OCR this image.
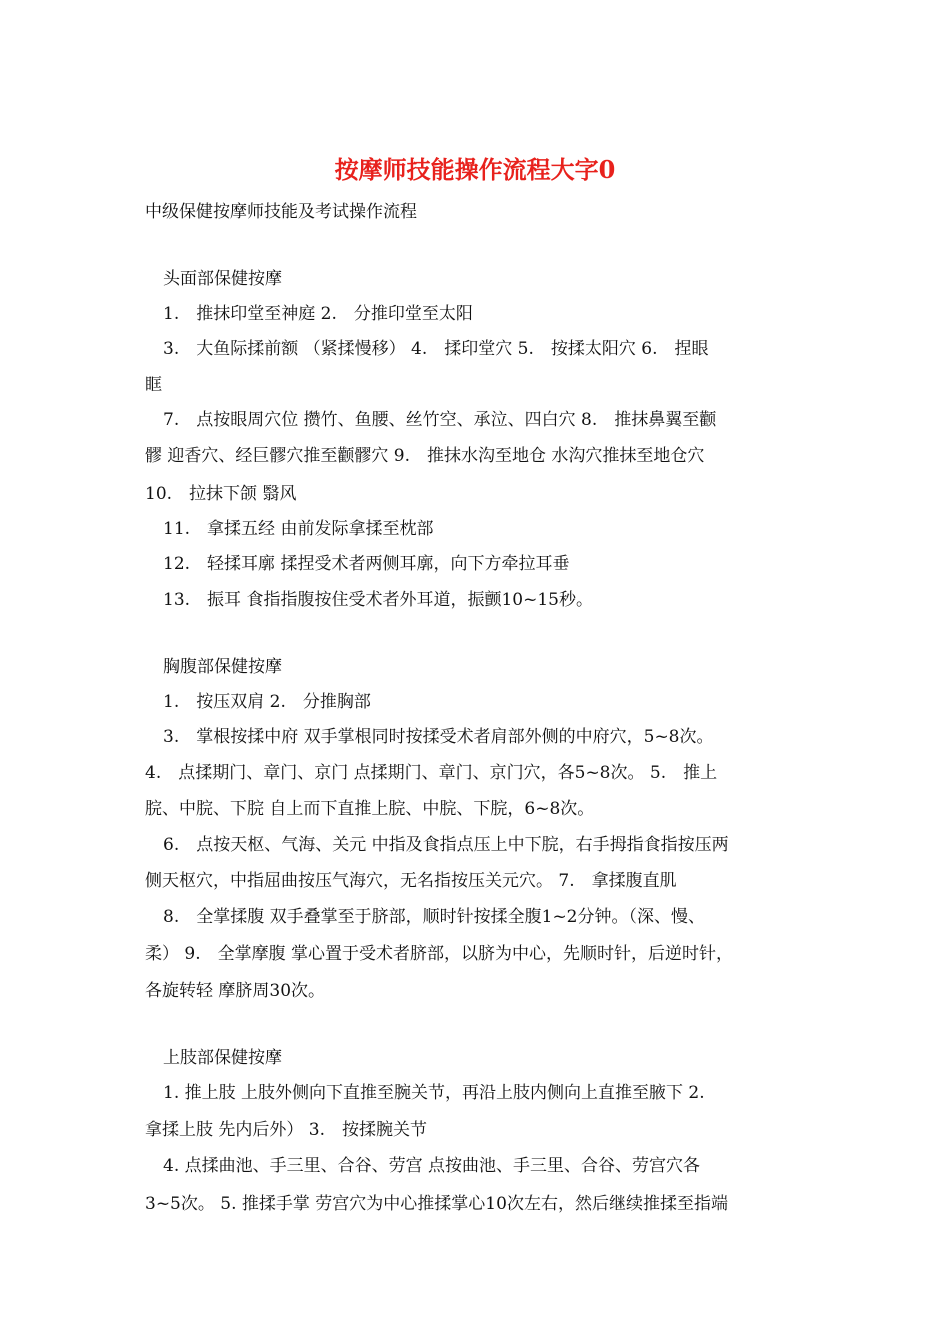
按摩师技能操作流程大字0
中级保健按摩师技能及考试操作流程
头面部保健按摩
1.　推抹印堂至神庭 2.　分推印堂至太阳
3.　大鱼际揉前额 （紧揉慢移） 4.　揉印堂穴 5.　按揉太阳穴 6.　捏眼
眶
7.　点按眼周穴位 攒竹、鱼腰、丝竹空、承泣、四白穴 8.　推抹鼻翼至颧
髎 迎香穴、经巨髎穴推至颧髎穴 9.　推抹水沟至地仓 水沟穴推抹至地仓穴
10.　拉抹下颌 翳风
11.　拿揉五经 由前发际拿揉至枕部
12.　轻揉耳廓 揉捏受术者两侧耳廓，向下方牵拉耳垂
13.　振耳 食指指腹按住受术者外耳道，振颤10~15秒。
胸腹部保健按摩
1.　按压双肩 2.　分推胸部
3.　掌根按揉中府 双手掌根同时按揉受术者肩部外侧的中府穴，5~8次。
4.　点揉期门、章门、京门 点揉期门、章门、京门穴，各5~8次。 5.　推上
脘、中脘、下脘 自上而下直推上脘、中脘、下脘，6~8次。
6.　点按天枢、气海、关元 中指及食指点压上中下脘，右手拇指食指按压两
侧天枢穴，中指屈曲按压气海穴，无名指按压关元穴。 7.　拿揉腹直肌
8.　全掌揉腹 双手叠掌至于脐部，顺时针按揉全腹1~2分钟。（深、慢、
柔） 9.　全掌摩腹 掌心置于受术者脐部，以脐为中心，先顺时针，后逆时针，
各旋转轻 摩脐周30次。
上肢部保健按摩
1. 推上肢 上肢外侧向下直推至腕关节，再沿上肢内侧向上直推至腋下 2.
拿揉上肢 先内后外） 3.　按揉腕关节
4. 点揉曲池、手三里、合谷、劳宫 点按曲池、手三里、合谷、劳宫穴各
3~5次。 5. 推揉手掌 劳宫穴为中心推揉掌心10次左右，然后继续推揉至指端
